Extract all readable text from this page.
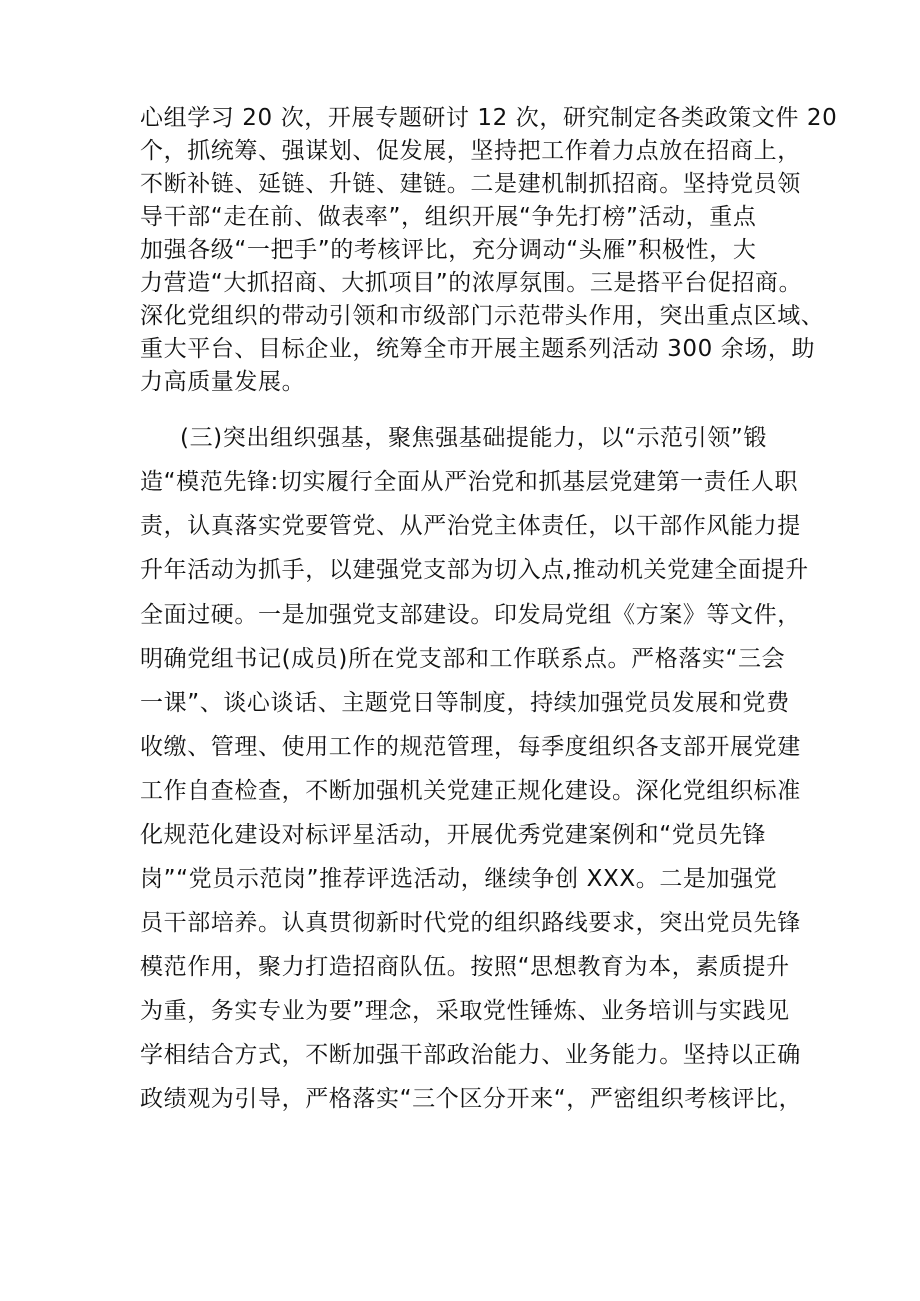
心组学习 20 次，开展专题研讨 12 次，研究制定各类政策文件 20
个，抓统筹、强谋划、促发展，坚持把工作着力点放在招商上，
不断补链、延链、升链、建链。二是建机制抓招商。坚持党员领
导干部“走在前、做表率”，组织开展“争先打榜”活动，重点
加强各级“一把手”的考核评比，充分调动“头雁”积极性，大
力营造“大抓招商、大抓项目”的浓厚氛围。三是搭平台促招商。
深化党组织的带动引领和市级部门示范带头作用，突出重点区域、
重大平台、目标企业，统筹全市开展主题系列活动 300 余场，助
力高质量发展。
(三)突出组织强基，聚焦强基础提能力，以“示范引领”锻
造“模范先锋:切实履行全面从严治党和抓基层党建第一责任人职
责，认真落实党要管党、从严治党主体责任，以干部作风能力提
升年活动为抓手，以建强党支部为切入点,推动机关党建全面提升
全面过硬。一是加强党支部建设。印发局党组《方案》等文件，
明确党组书记(成员)所在党支部和工作联系点。严格落实“三会
一课”、谈心谈话、主题党日等制度，持续加强党员发展和党费
收缴、管理、使用工作的规范管理，每季度组织各支部开展党建
工作自查检查，不断加强机关党建正规化建设。深化党组织标准
化规范化建设对标评星活动，开展优秀党建案例和“党员先锋
岗”“党员示范岗”推荐评选活动，继续争创 XXX。二是加强党
员干部培养。认真贯彻新时代党的组织路线要求，突出党员先锋
模范作用，聚力打造招商队伍。按照“思想教育为本，素质提升
为重，务实专业为要”理念，采取党性锤炼、业务培训与实践见
学相结合方式，不断加强干部政治能力、业务能力。坚持以正确
政绩观为引导，严格落实“三个区分开来“，严密组织考核评比，
